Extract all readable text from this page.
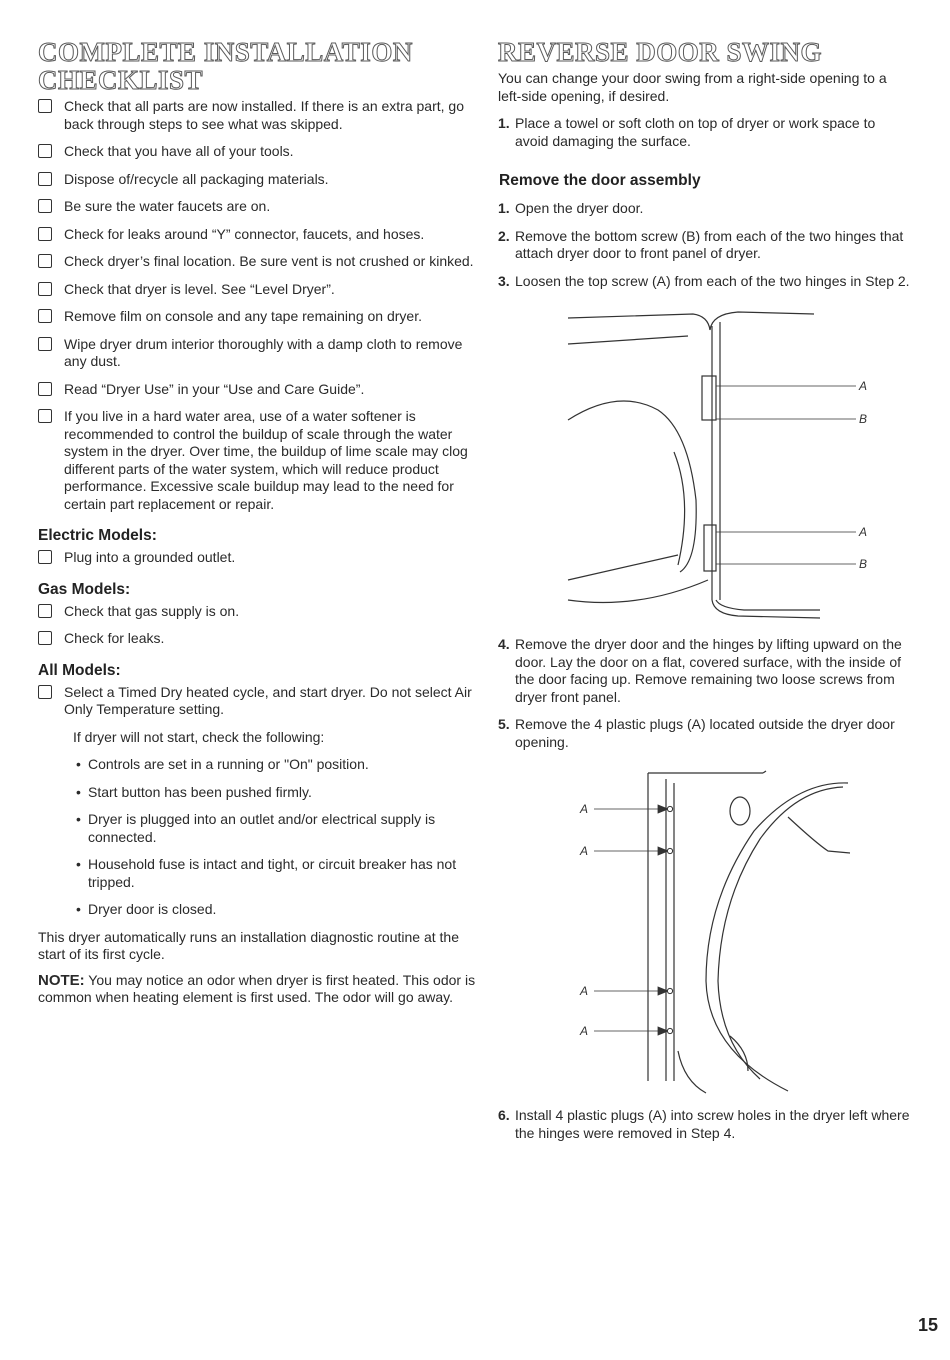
COMPLETE INSTALLATION
CHECKLIST

Check that all parts are now installed. If there is an extra part, go back through steps to see what was skipped.

Check that you have all of your tools.

Dispose of/recycle all packaging materials.

Be sure the water faucets are on.

Check for leaks around “Y” connector, faucets, and hoses.

Check dryer’s final location. Be sure vent is not crushed or kinked.

Check that dryer is level. See “Level Dryer”.

Remove film on console and any tape remaining on dryer.

Wipe dryer drum interior thoroughly with a damp cloth to remove any dust.

Read “Dryer Use” in your “Use and Care Guide”.

If you live in a hard water area, use of a water softener is recommended to control the buildup of scale through the water system in the dryer. Over time, the buildup of lime scale may clog different parts of the water system, which will reduce product performance. Excessive scale buildup may lead to the need for certain part replacement or repair.

Electric Models:

Plug into a grounded outlet.

Gas Models:

Check that gas supply is on.

Check for leaks.

All Models:

Select a Timed Dry heated cycle, and start dryer. Do not select Air Only Temperature setting.

If dryer will not start, check the following:

• Controls are set in a running or "On" position.
• Start button has been pushed firmly.
• Dryer is plugged into an outlet and/or electrical supply is connected.
• Household fuse is intact and tight, or circuit breaker has not tripped.
• Dryer door is closed.

This dryer automatically runs an installation diagnostic routine at the start of its first cycle.

NOTE: You may notice an odor when dryer is first heated. This odor is common when heating element is first used. The odor will go away.

REVERSE DOOR SWING

You can change your door swing from a right-side opening to a left-side opening, if desired.

1. Place a towel or soft cloth on top of dryer or work space to avoid damaging the surface.
Remove the door assembly
1. Open the dryer door.
2. Remove the bottom screw (B) from each of the two hinges that attach dryer door to front panel of dryer.
3. Loosen the top screw (A) from each of the two hinges in Step 2.
A
B
A
B
4. Remove the dryer door and the hinges by lifting upward on the door. Lay the door on a flat, covered surface, with the inside of the door facing up. Remove remaining two loose screws from dryer front panel.
5. Remove the 4 plastic plugs (A) located outside the dryer door opening.
A
A
A
A
6. Install 4 plastic plugs (A) into screw holes in the dryer left where the hinges were removed in Step 4.
15
